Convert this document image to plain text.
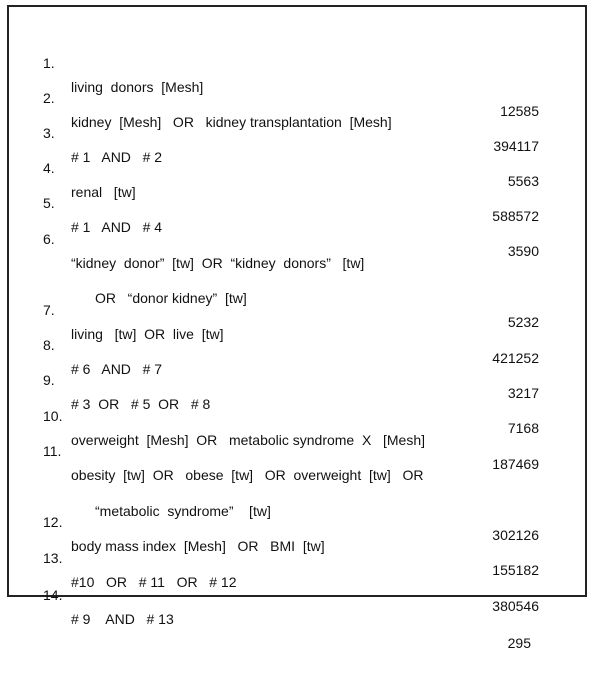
1.

living  donors  [Mesh]

12585

2.

kidney  [Mesh]   OR   kidney transplantation  [Mesh]

394117

3.

# 1   AND   # 2

5563

4.

renal   [tw]

588572

5.

# 1   AND   # 4

3590

6.

“kidney  donor”  [tw]  OR  “kidney  donors”   [tw]

OR   “donor kidney”  [tw]

5232

7.

living   [tw]  OR  live  [tw]

421252

8.

# 6   AND   # 7

3217

9.

# 3  OR   # 5  OR   # 8

7168

10.

overweight  [Mesh]  OR   metabolic syndrome  X   [Mesh]

187469

11.

obesity  [tw]  OR   obese  [tw]   OR  overweight  [tw]   OR

“metabolic  syndrome”    [tw]

302126

12.

body mass index  [Mesh]   OR   BMI  [tw]

155182

13.

#10   OR   # 11   OR   # 12

380546

14.

# 9    AND   # 13

295
